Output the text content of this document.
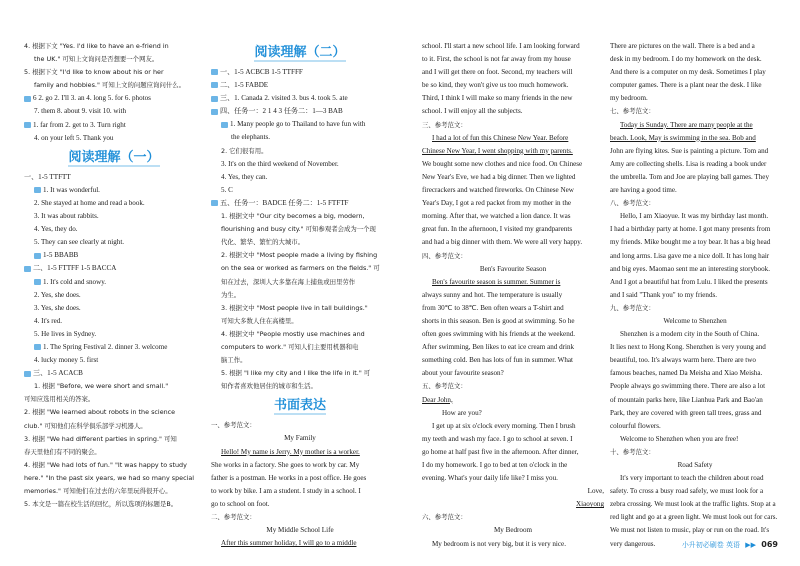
4. 根据下文 "Yes. I'd like to have an e-friend in
the UK." 可知上文询问是否想要一个网友。
5. 根据下文 "I'd like to know about his or her
family and hobbies." 可知上文的问题应询问什么。
6 2. go 2. I'll 3. an 4. long 5. for 6. photos
7. them 8. about 9. visit 10. with
1. far from 2. get to 3. Turn right
4. on your left 5. Thank you
阅读理解（一）
一、1-5 TTFTT
1. It was wonderful.
2. She stayed at home and read a book.
3. It was about rabbits.
4. Yes, they do.
5. They can see clearly at night.
1-5 BBABB
二、1-5 FTTFF 1-5 BACCA
1. It's cold and snowy.
2. Yes, she does.
3. Yes, she does.
4. It's red.
5. He lives in Sydney.
1. The Spring Festival 2. dinner 3. welcome
4. lucky money 5. first
三、1-5 ACACB
1. 根据 "Before, we were short and small."
可知应选用相关的答案。
2. 根据 "We learned about robots in the science
club." 可知他们在科学俱乐部学习机器人。
3. 根据 "We had different parties in spring." 可知
春天里他们有不同的聚会。
4. 根据 "We had lots of fun." "It was happy to study
here." "In the past six years, we had so many special
memories." 可知他们在过去的六年里玩得很开心。
5. 本文是一篇在校生活的回忆，所以选项的标题是B。
阅读理解（二）
一、1-5 ACBCB 1-5 TTFFF
二、1-5 FABDE
三、1. Canada 2. visited 3. bus 4. took 5. ate
四、任务一：2 1 4 3 任务二：1—3 BAB
1. Many people go to Thailand to have fun with
the elephants.
2. 它们很有用。
3. It's on the third weekend of November.
4. Yes, they can.
5. C
五、任务一：BADCE 任务二：1-5 FTFTF
1. 根据文中 "Our city becomes a big, modern,
flourishing and busy city." 可知参观者会成为一个现
代化、繁华、繁忙的大城市。
2. 根据文中 "Most people made a living by fishing
on the sea or worked as farmers on the fields." 可
知在过去，深圳人大多靠在海上捕鱼或田里劳作
为生。
3. 根据文中 "Most people live in tall buildings."
可知大多数人住在高楼里。
4. 根据文中 "People mostly use machines and
computers to work." 可知人们主要用机器和电
脑工作。
5. 根据 "I like my city and I like the life in it." 可
知作者喜欢他居住的城市和生活。
书面表达
一、参考范文：
My Family
Hello! My name is Jerry. My mother is a worker.
She works in a factory. She goes to work by car. My
father is a postman. He works in a post office. He goes
to work by bike. I am a student. I study in a school. I
go to school on foot.
二、参考范文：
My Middle School Life
After this summer holiday, I will go to a middle
school. I'll start a new school life. I am looking forward
to it. First, the school is not far away from my house
and I will get there on foot. Second, my teachers will
be so kind, they won't give us too much homework.
Third, I think I will make so many friends in the new
school. I will enjoy all the subjects.
三、参考范文：
I had a lot of fun this Chinese New Year. Before
Chinese New Year, I went shopping with my parents.
We bought some new clothes and nice food. On Chinese
New Year's Eve, we had a big dinner. Then we lighted
firecrackers and watched fireworks. On Chinese New
Year's Day, I got a red packet from my mother in the
morning. After that, we watched a lion dance. It was
great fun. In the afternoon, I visited my grandparents
and had a big dinner with them. We were all very happy.
四、参考范文：
Ben's Favourite Season
Ben's favourite season is summer. Summer is
always sunny and hot. The temperature is usually
from 30℃ to 38℃. Ben often wears a T-shirt and
shorts in this season. Ben is good at swimming. So he
often goes swimming with his friends at the weekend.
After swimming, Ben likes to eat ice cream and drink
something cold. Ben has lots of fun in summer. What
about your favourite season?
五、参考范文：
Dear John,
How are you?
I get up at six o'clock every morning. Then I brush
my teeth and wash my face. I go to school at seven. I
go home at half past five in the afternoon. After dinner,
I do my homework. I go to bed at ten o'clock in the
evening. What's your daily life like? I miss you.
Love,
Xiaoyong
六、参考范文：
My Bedroom
My bedroom is not very big, but it is very nice.
There are pictures on the wall. There is a bed and a
desk in my bedroom. I do my homework on the desk.
And there is a computer on my desk. Sometimes I play
computer games. There is a plant near the desk. I like
my bedroom.
七、参考范文：
Today is Sunday. There are many people at the
beach. Look, May is swimming in the sea. Bob and
John are flying kites. Sue is painting a picture. Tom and
Amy are collecting shells. Lisa is reading a book under
the umbrella. Tom and Joe are playing ball games. They
are having a good time.
八、参考范文：
Hello, I am Xiaoyue. It was my birthday last month.
I had a birthday party at home. I got many presents from
my friends. Mike bought me a toy bear. It has a big head
and long arms. Lisa gave me a nice doll. It has long hair
and big eyes. Maomao sent me an interesting storybook.
And I got a beautiful hat from Lulu. I liked the presents
and I said "Thank you" to my friends.
九、参考范文：
Welcome to Shenzhen
Shenzhen is a modern city in the South of China.
It lies next to Hong Kong. Shenzhen is very young and
beautiful, too. It's always warm here. There are two
famous beaches, named Da Meisha and Xiao Meisha.
People always go swimming there. There are also a lot
of mountain parks here, like Lianhua Park and Bao'an
Park, they are covered with green tall trees, grass and
colourful flowers.
Welcome to Shenzhen when you are free!
十、参考范文：
Road Safety
It's very important to teach the children about road
safety. To cross a busy road safely, we must look for a
zebra crossing. We must look at the traffic lights. Stop at a
red light and go at a green light. We must look out for cars.
We must not listen to music, play or run on the road. It's
very dangerous.	小升初必刷卷 英语 ▶▶ 069
